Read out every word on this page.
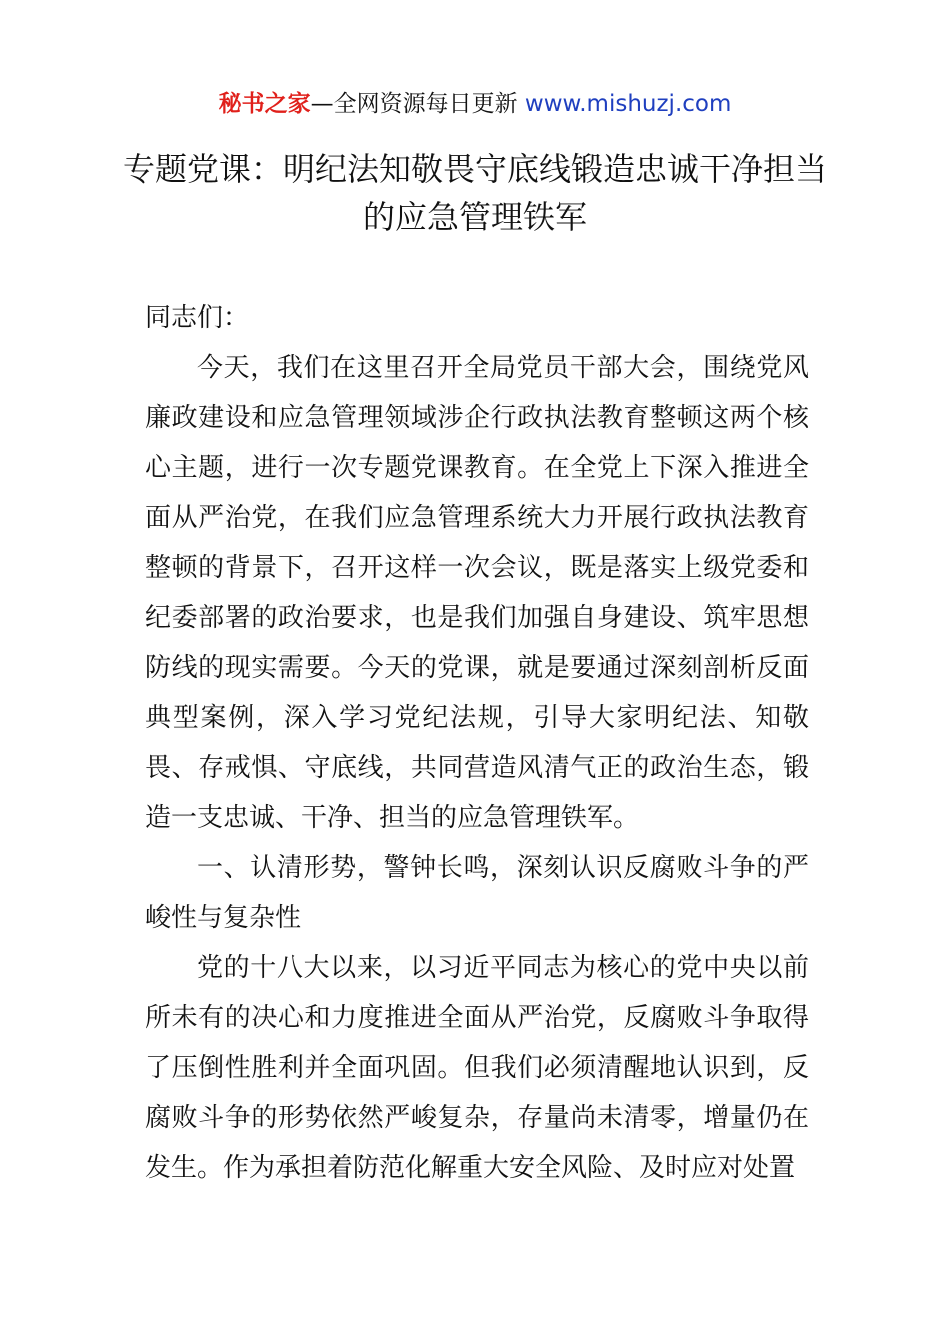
秘书之家—全网资源每日更新 www.mishuzj.com
专题党课：明纪法知敬畏守底线锻造忠诚干净担当的应急管理铁军

同志们：

今天，我们在这里召开全局党员干部大会，围绕党风廉政建设和应急管理领域涉企行政执法教育整顿这两个核心主题，进行一次专题党课教育。在全党上下深入推进全面从严治党，在我们应急管理系统大力开展行政执法教育整顿的背景下，召开这样一次会议，既是落实上级党委和纪委部署的政治要求，也是我们加强自身建设、筑牢思想防线的现实需要。今天的党课，就是要通过深刻剖析反面典型案例，深入学习党纪法规，引导大家明纪法、知敬畏、存戒惧、守底线，共同营造风清气正的政治生态，锻造一支忠诚、干净、担当的应急管理铁军。

一、认清形势，警钟长鸣，深刻认识反腐败斗争的严峻性与复杂性

党的十八大以来，以习近平同志为核心的党中央以前所未有的决心和力度推进全面从严治党，反腐败斗争取得了压倒性胜利并全面巩固。但我们必须清醒地认识到，反腐败斗争的形势依然严峻复杂，存量尚未清零，增量仍在发生。作为承担着防范化解重大安全风险、及时应对处置
